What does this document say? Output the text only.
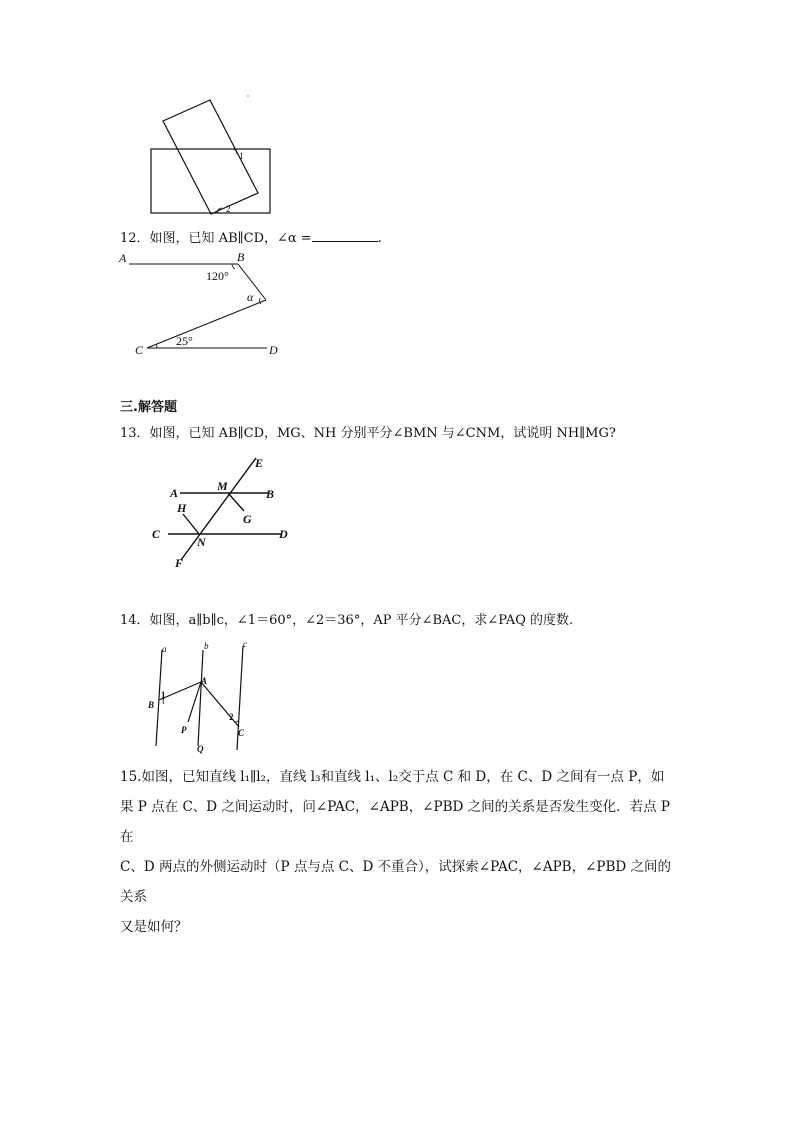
1
2
12．如图，已知 AB∥CD，∠α =	.
A	B
120°
α
25°
C	D
三.解答题
13．如图，已知 AB∥CD，MG、NH 分别平分∠BMN 与∠CNM，试说明 NH∥MG?
E
A	M
B
H
G
C
N
D
F
14．如图，a∥b∥c，∠1＝60°，∠2＝36°，AP 平分∠BAC，求∠PAQ 的度数.
a	b	c
A
1
B
2
P	C
Q
15.如图，已知直线 l₁∥l₂，直线 l₃和直线 l₁、l₂交于点 C 和 D，在 C、D 之间有一点 P，如
果 P 点在 C、D 之间运动时，问∠PAC，∠APB，∠PBD 之间的关系是否发生变化．若点 P 在
C、D 两点的外侧运动时（P 点与点 C、D 不重合），试探索∠PAC，∠APB，∠PBD 之间的关系
又是如何？
